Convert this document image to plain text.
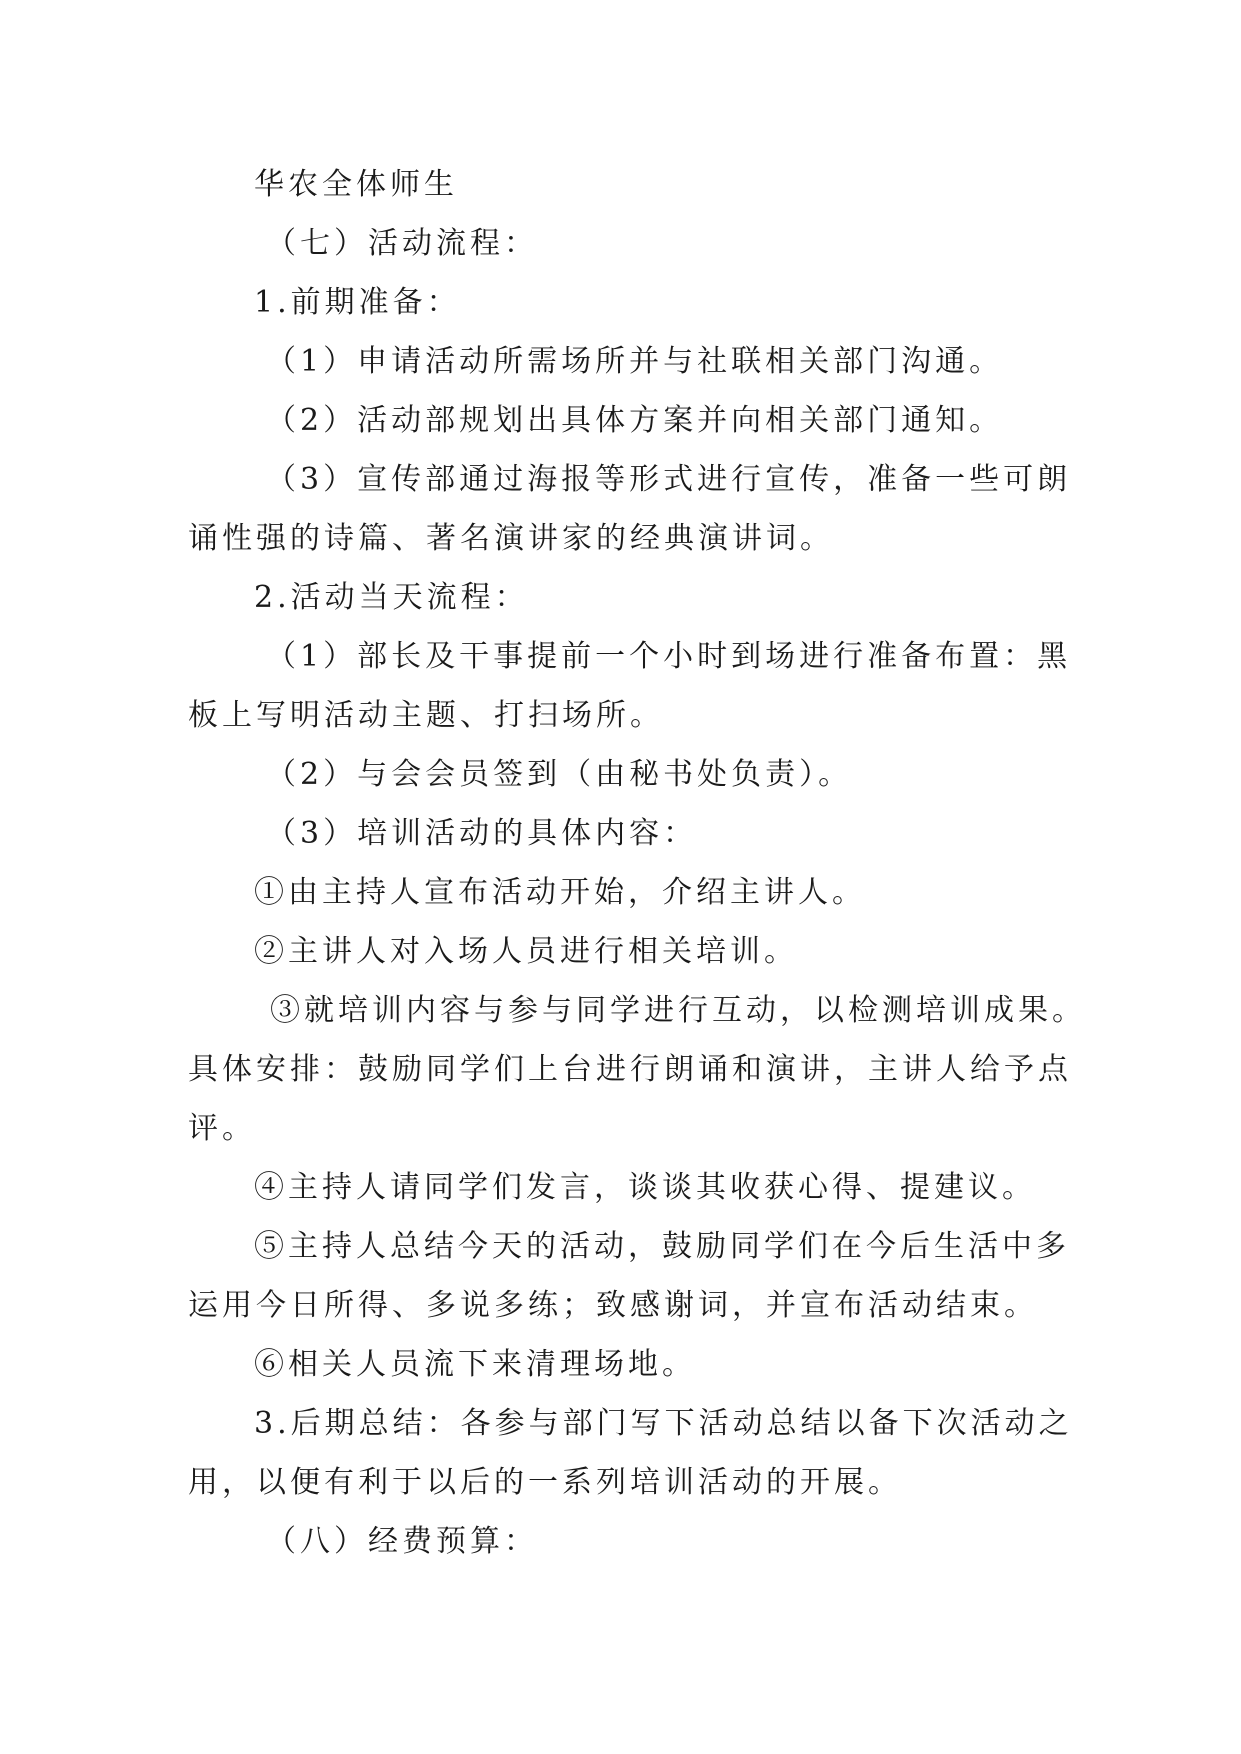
华农全体师生
（七）活动流程：
1.前期准备：
（1）申请活动所需场所并与社联相关部门沟通。
（2）活动部规划出具体方案并向相关部门通知。
（3）宣传部通过海报等形式进行宣传，准备一些可朗
诵性强的诗篇、著名演讲家的经典演讲词。
2.活动当天流程：
（1）部长及干事提前一个小时到场进行准备布置：黑
板上写明活动主题、打扫场所。
（2）与会会员签到（由秘书处负责）。
（3）培训活动的具体内容：
①由主持人宣布活动开始，介绍主讲人。
②主讲人对入场人员进行相关培训。
③就培训内容与参与同学进行互动，以检测培训成果。
具体安排：鼓励同学们上台进行朗诵和演讲，主讲人给予点
评。
④主持人请同学们发言，谈谈其收获心得、提建议。
⑤主持人总结今天的活动，鼓励同学们在今后生活中多
运用今日所得、多说多练；致感谢词，并宣布活动结束。
⑥相关人员流下来清理场地。
3.后期总结：各参与部门写下活动总结以备下次活动之
用，以便有利于以后的一系列培训活动的开展。
（八）经费预算：
